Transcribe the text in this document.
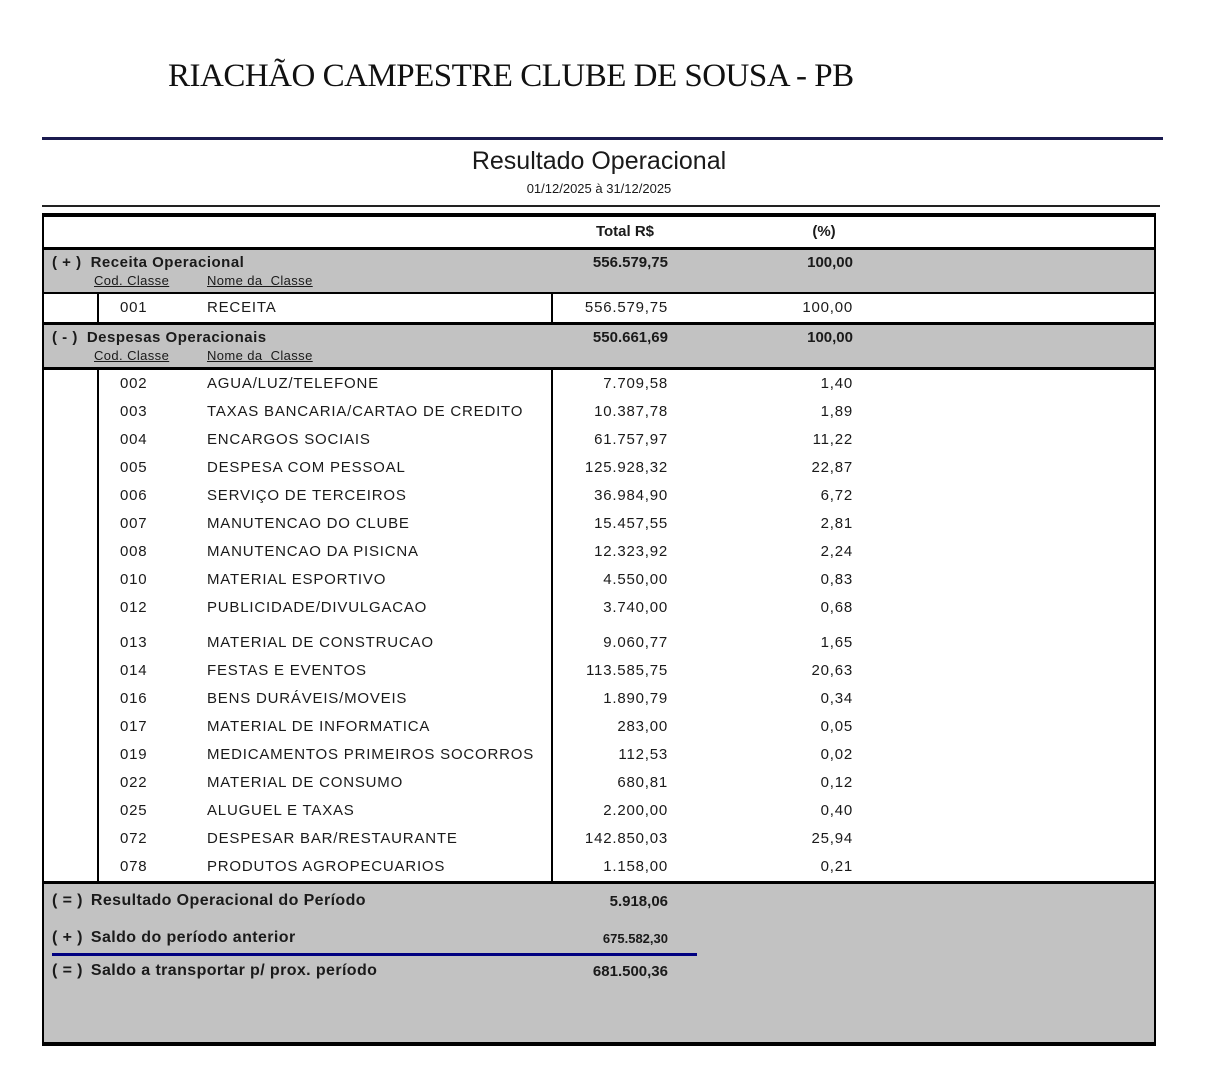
RIACHÃO CAMPESTRE CLUBE DE SOUSA - PB
Resultado Operacional
01/12/2025 à 31/12/2025
Total R$	(%)
( + ) Receita Operacional	556.579,75	100,00
Cod. Classe	Nome da  Classe
001	RECEITA	556.579,75	100,00
( - ) Despesas Operacionais	550.661,69	100,00
Cod. Classe	Nome da  Classe
002	AGUA/LUZ/TELEFONE	7.709,58	1,40
003	TAXAS BANCARIA/CARTAO DE CREDITO	10.387,78	1,89
004	ENCARGOS SOCIAIS	61.757,97	11,22
005	DESPESA COM PESSOAL	125.928,32	22,87
006	SERVIÇO DE TERCEIROS	36.984,90	6,72
007	MANUTENCAO DO CLUBE	15.457,55	2,81
008	MANUTENCAO DA PISICNA	12.323,92	2,24
010	MATERIAL ESPORTIVO	4.550,00	0,83
012	PUBLICIDADE/DIVULGACAO	3.740,00	0,68
013	MATERIAL DE CONSTRUCAO	9.060,77	1,65
014	FESTAS E EVENTOS	113.585,75	20,63
016	BENS DURÁVEIS/MOVEIS	1.890,79	0,34
017	MATERIAL DE INFORMATICA	283,00	0,05
019	MEDICAMENTOS PRIMEIROS SOCORROS	112,53	0,02
022	MATERIAL DE CONSUMO	680,81	0,12
025	ALUGUEL E TAXAS	2.200,00	0,40
072	DESPESAR BAR/RESTAURANTE	142.850,03	25,94
078	PRODUTOS AGROPECUARIOS	1.158,00	0,21
( = ) Resultado Operacional do Período	5.918,06
( + ) Saldo do período anterior	675.582,30
( = ) Saldo a transportar p/ prox. período	681.500,36
